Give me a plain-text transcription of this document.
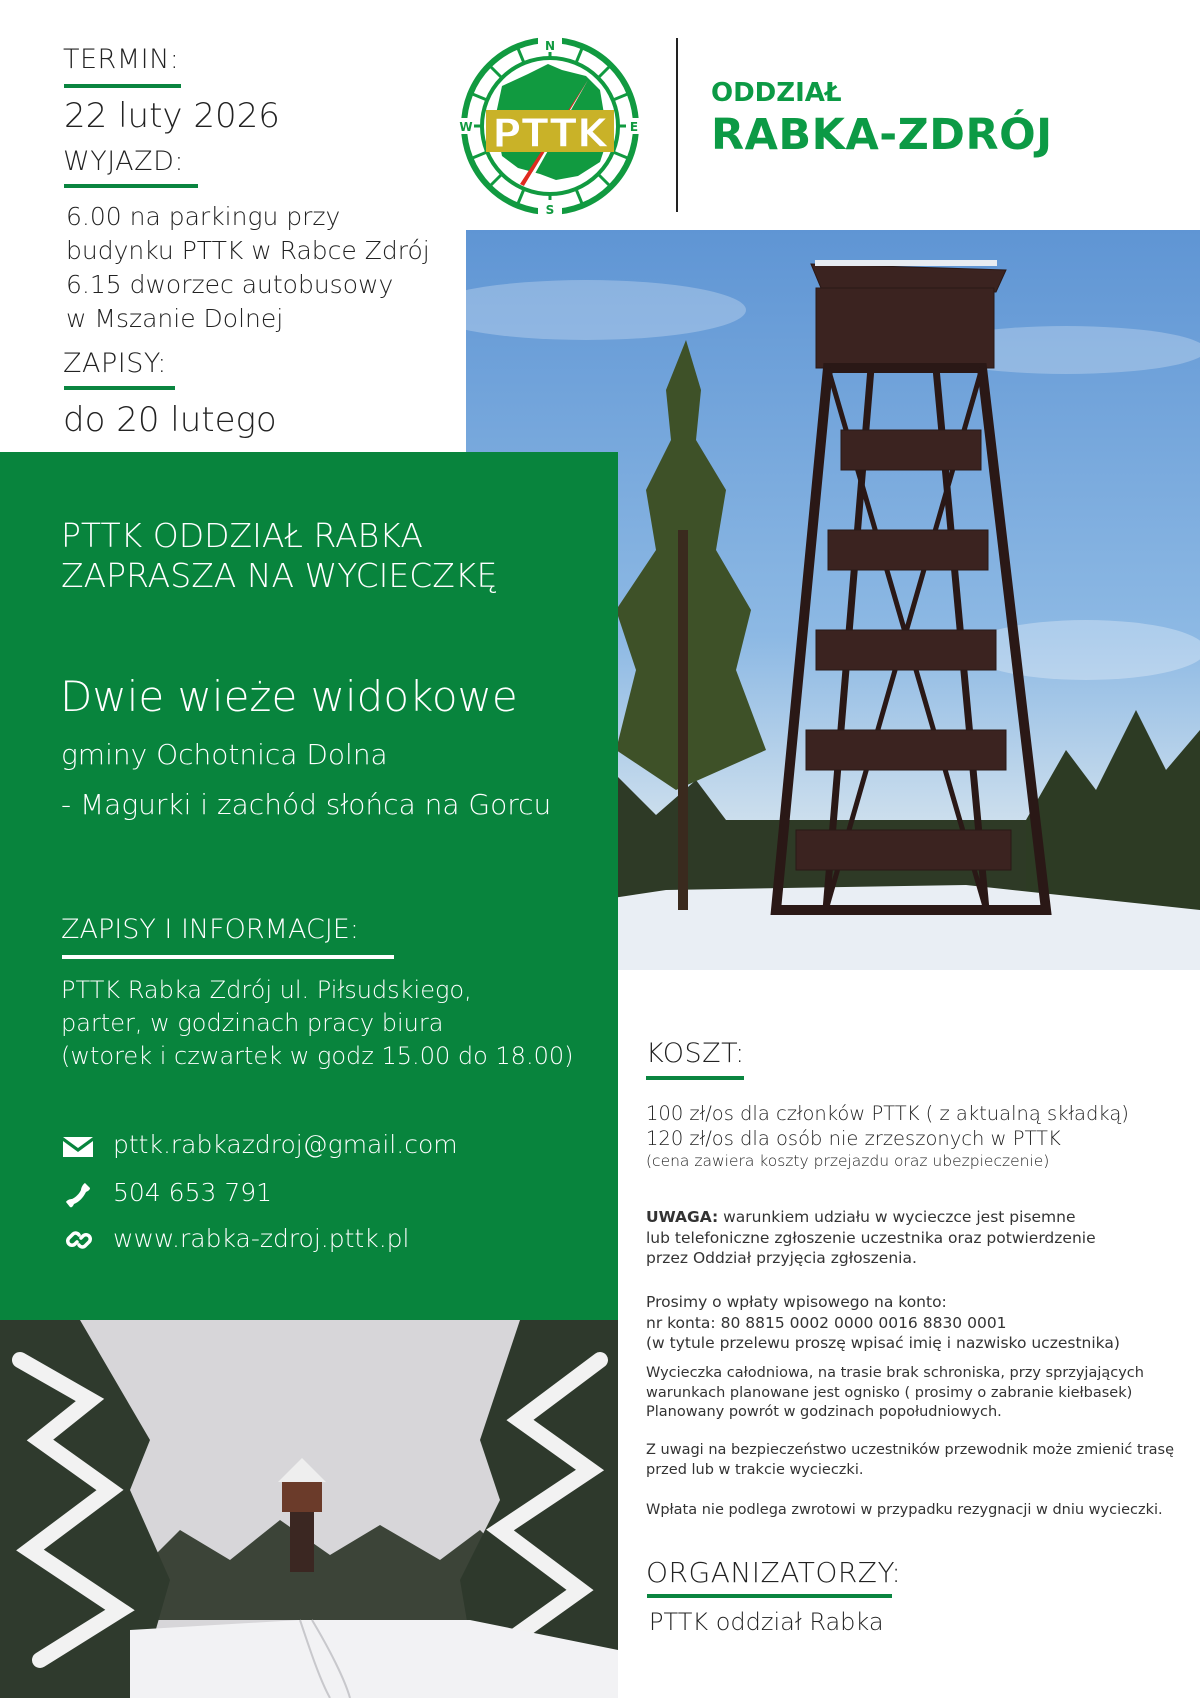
TERMIN:
22 luty 2026
WYJAZD:
6.00 na parkingu przy
budynku PTTK w Rabce Zdrój
6.15 dworzec autobusowy
w Mszanie Dolnej
ZAPISY:
do 20 lutego
N
E
S
W PTTK
ODDZIAŁ
RABKA-ZDRÓJ
PTTK ODDZIAŁ RABKA
ZAPRASZA NA WYCIECZKĘ
Dwie wieże widokowe
gminy Ochotnica Dolna
- Magurki i zachód słońca na Gorcu
ZAPISY I INFORMACJE:
PTTK Rabka Zdrój ul. Piłsudskiego,
parter, w godzinach pracy biura
(wtorek i czwartek w godz 15.00 do 18.00)
pttk.rabkazdroj@gmail.com
504 653 791
www.rabka-zdroj.pttk.pl
KOSZT:
100 zł/os dla członków PTTK ( z aktualną składką)
120 zł/os dla osób nie zrzeszonych w PTTK
(cena zawiera koszty przejazdu oraz ubezpieczenie)
UWAGA: warunkiem udziału w wycieczce jest pisemne
lub telefoniczne zgłoszenie uczestnika oraz potwierdzenie
przez Oddział przyjęcia zgłoszenia.
Prosimy o wpłaty wpisowego na konto:
nr konta: 80 8815 0002 0000 0016 8830 0001
(w tytule przelewu proszę wpisać imię i nazwisko uczestnika)
Wycieczka całodniowa, na trasie brak schroniska, przy sprzyjających
warunkach planowane jest ognisko ( prosimy o zabranie kiełbasek)
Planowany powrót w godzinach popołudniowych.
Z uwagi na bezpieczeństwo uczestników przewodnik może zmienić trasę
przed lub w trakcie wycieczki.
Wpłata nie podlega zwrotowi w przypadku rezygnacji w dniu wycieczki.
ORGANIZATORZY:
PTTK oddział Rabka
